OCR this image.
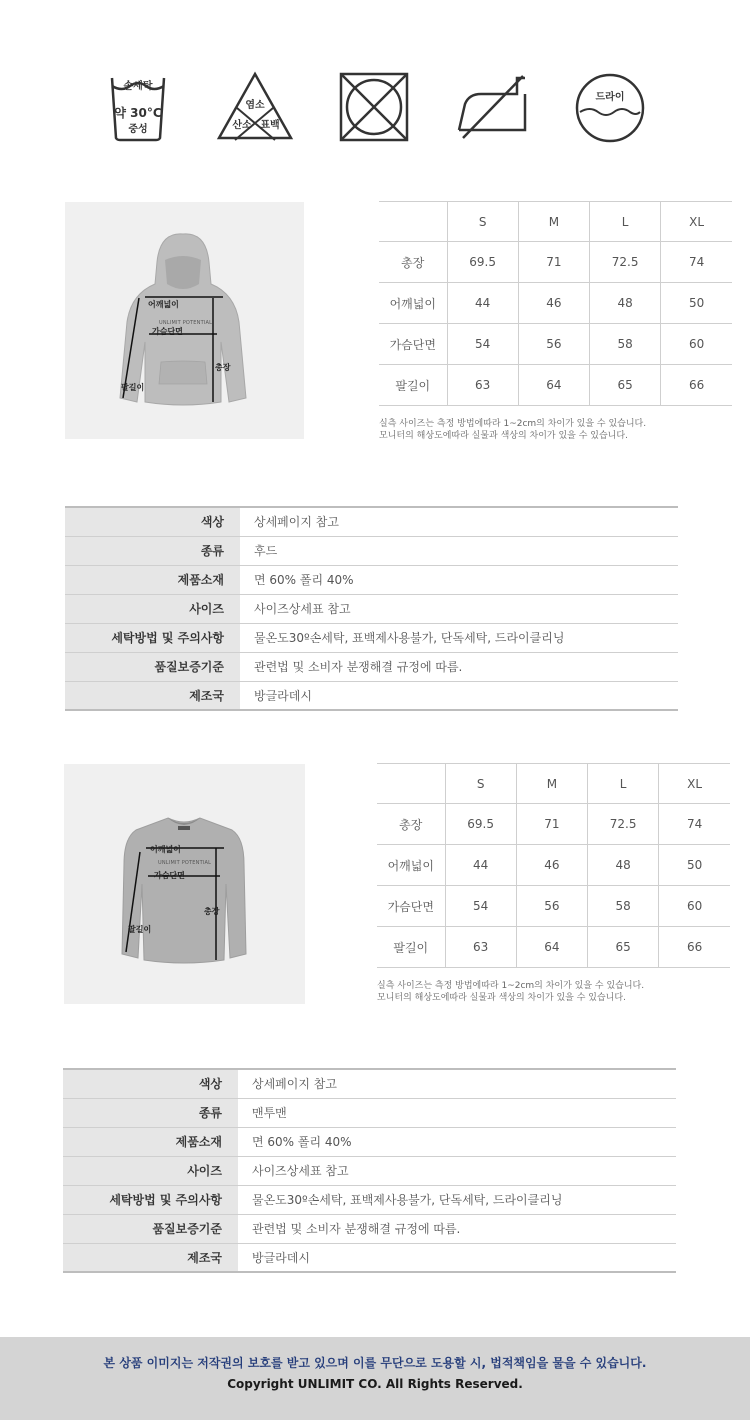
손세탁
약 30°C
중성
염소
산소 표백
드라이
어깨넓이
UNLIMIT POTENTIAL
가슴단면
총장
팔길이
	S	M	L	XL
총장	69.5	71	72.5	74
어깨넓이	44	46	48	50
가슴단면	54	56	58	60
팔길이	63	64	65	66
실측 사이즈는 측정 방법에따라 1~2cm의 차이가 있을 수 있습니다.
모니터의 해상도에따라 실물과 색상의 차이가 있을 수 있습니다.
색상	상세페이지 참고
종류	후드
제품소재	면 60% 폴리 40%
사이즈	사이즈상세표 참고
세탁방법 및 주의사항	물온도30º손세탁, 표백제사용불가, 단독세탁, 드라이클리닝
품질보증기준	관련법 및 소비자 분쟁해결 규정에 따름.
제조국	방글라데시
어깨넓이
UNLIMIT POTENTIAL
가슴단면
총장
팔길이
	S	M	L	XL
총장	69.5	71	72.5	74
어깨넓이	44	46	48	50
가슴단면	54	56	58	60
팔길이	63	64	65	66
실측 사이즈는 측정 방법에따라 1~2cm의 차이가 있을 수 있습니다.
모니터의 해상도에따라 실물과 색상의 차이가 있을 수 있습니다.
색상	상세페이지 참고
종류	맨투맨
제품소재	면 60% 폴리 40%
사이즈	사이즈상세표 참고
세탁방법 및 주의사항	물온도30º손세탁, 표백제사용불가, 단독세탁, 드라이클리닝
품질보증기준	관련법 및 소비자 분쟁해결 규정에 따름.
제조국	방글라데시
본 상품 이미지는 저작권의 보호를 받고 있으며 이를 무단으로 도용할 시, 법적책임을 물을 수 있습니다.
Copyright UNLIMIT CO. All Rights Reserved.
